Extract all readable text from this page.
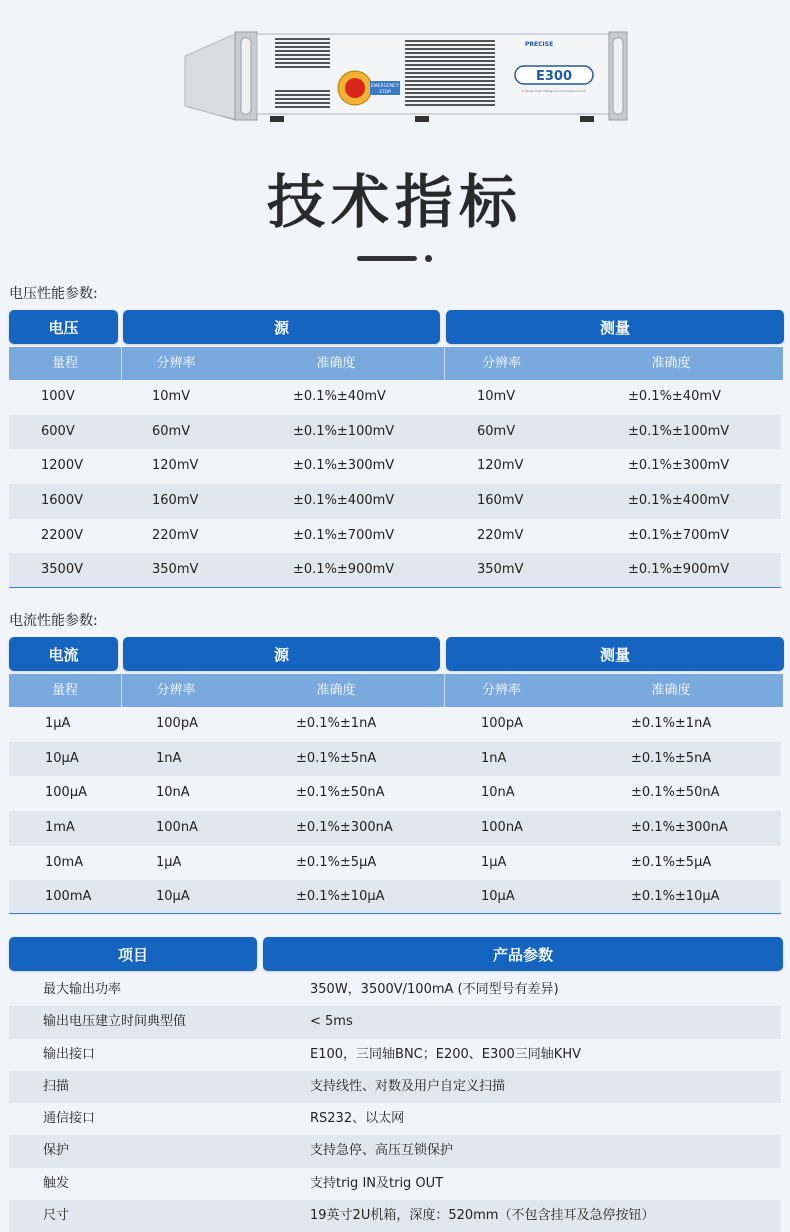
EMERGENCY
STOP
PRECISE
E300
E Series High Voltage Source Measure Unit
技术指标
电压性能参数:
电压	源	测量
量程	分辨率	准确度	分辨率	准确度
100V	10mV	±0.1%±40mV	10mV	±0.1%±40mV
600V	60mV	±0.1%±100mV	60mV	±0.1%±100mV
1200V	120mV	±0.1%±300mV	120mV	±0.1%±300mV
1600V	160mV	±0.1%±400mV	160mV	±0.1%±400mV
2200V	220mV	±0.1%±700mV	220mV	±0.1%±700mV
3500V	350mV	±0.1%±900mV	350mV	±0.1%±900mV
电流性能参数:
电流	源	测量
量程	分辨率	准确度	分辨率	准确度
1μA	100pA	±0.1%±1nA	100pA	±0.1%±1nA
10μA	1nA	±0.1%±5nA	1nA	±0.1%±5nA
100μA	10nA	±0.1%±50nA	10nA	±0.1%±50nA
1mA	100nA	±0.1%±300nA	100nA	±0.1%±300nA
10mA	1μA	±0.1%±5μA	1μA	±0.1%±5μA
100mA	10μA	±0.1%±10μA	10μA	±0.1%±10μA
项目	产品参数
最大输出功率	350W，3500V/100mA (不同型号有差异)
输出电压建立时间典型值	< 5ms
输出接口	E100，三同轴BNC；E200、E300三同轴KHV
扫描	支持线性、对数及用户自定义扫描
通信接口	RS232、以太网
保护	支持急停、高压互锁保护
触发	支持trig IN及trig OUT
尺寸	19英寸2U机箱，深度：520mm（不包含挂耳及急停按钮）
